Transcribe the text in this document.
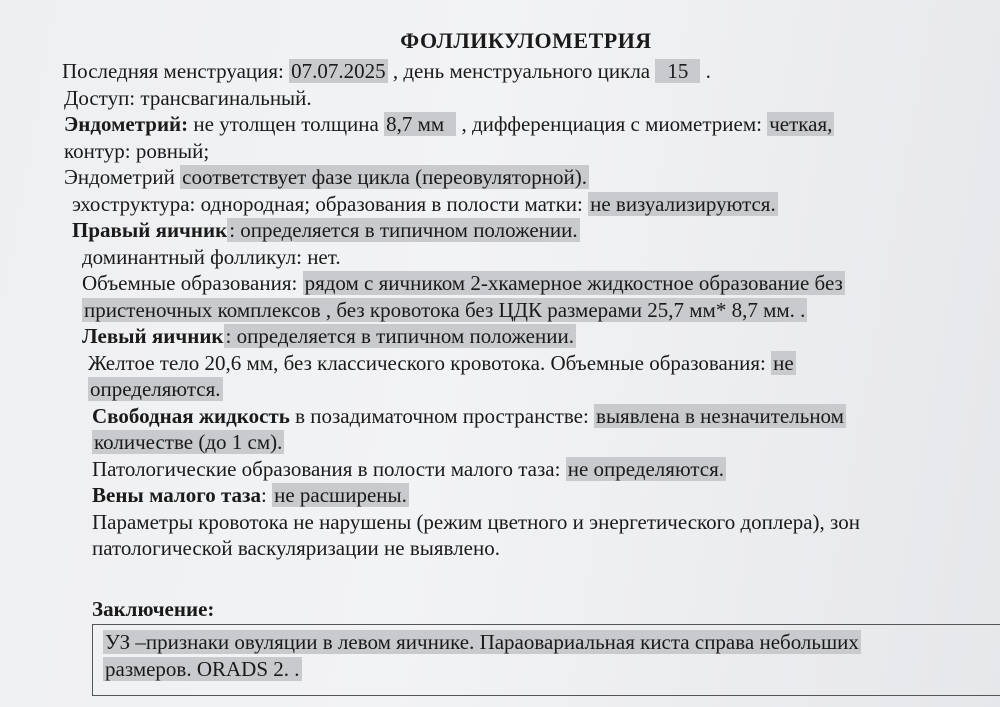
ФОЛЛИКУЛОМЕТРИЯ
Последняя менструация: 07.07.2025 , день менструального цикла 15 .
Доступ: трансвагинальный.
Эндометрий: не утолщен толщина 8,7 мм , дифференциация с миометрием: четкая,
контур: ровный;
Эндометрий соответствует фазе цикла (переовуляторной).
эхоструктура: однородная; образования в полости матки: не визуализируются.
Правый яичник: определяется в типичном положении.
доминантный фолликул: нет.
Объемные образования: рядом с яичником 2-хкамерное жидкостное образование без
пристеночных комплексов , без кровотока без ЦДК размерами 25,7 мм* 8,7 мм. .
Левый яичник: определяется в типичном положении.
Желтое тело 20,6 мм, без классического кровотока. Объемные образования: не
определяются.
Свободная жидкость в позадиматочном пространстве: выявлена в незначительном
количестве (до 1 см).
Патологические образования в полости малого таза: не определяются.
Вены малого таза: не расширены.
Параметры кровотока не нарушены (режим цветного и энергетического доплера), зон
патологической васкуляризации не выявлено.
Заключение:
УЗ –признаки овуляции в левом яичнике. Параовариальная киста справа небольших
размеров. ORADS 2. .
